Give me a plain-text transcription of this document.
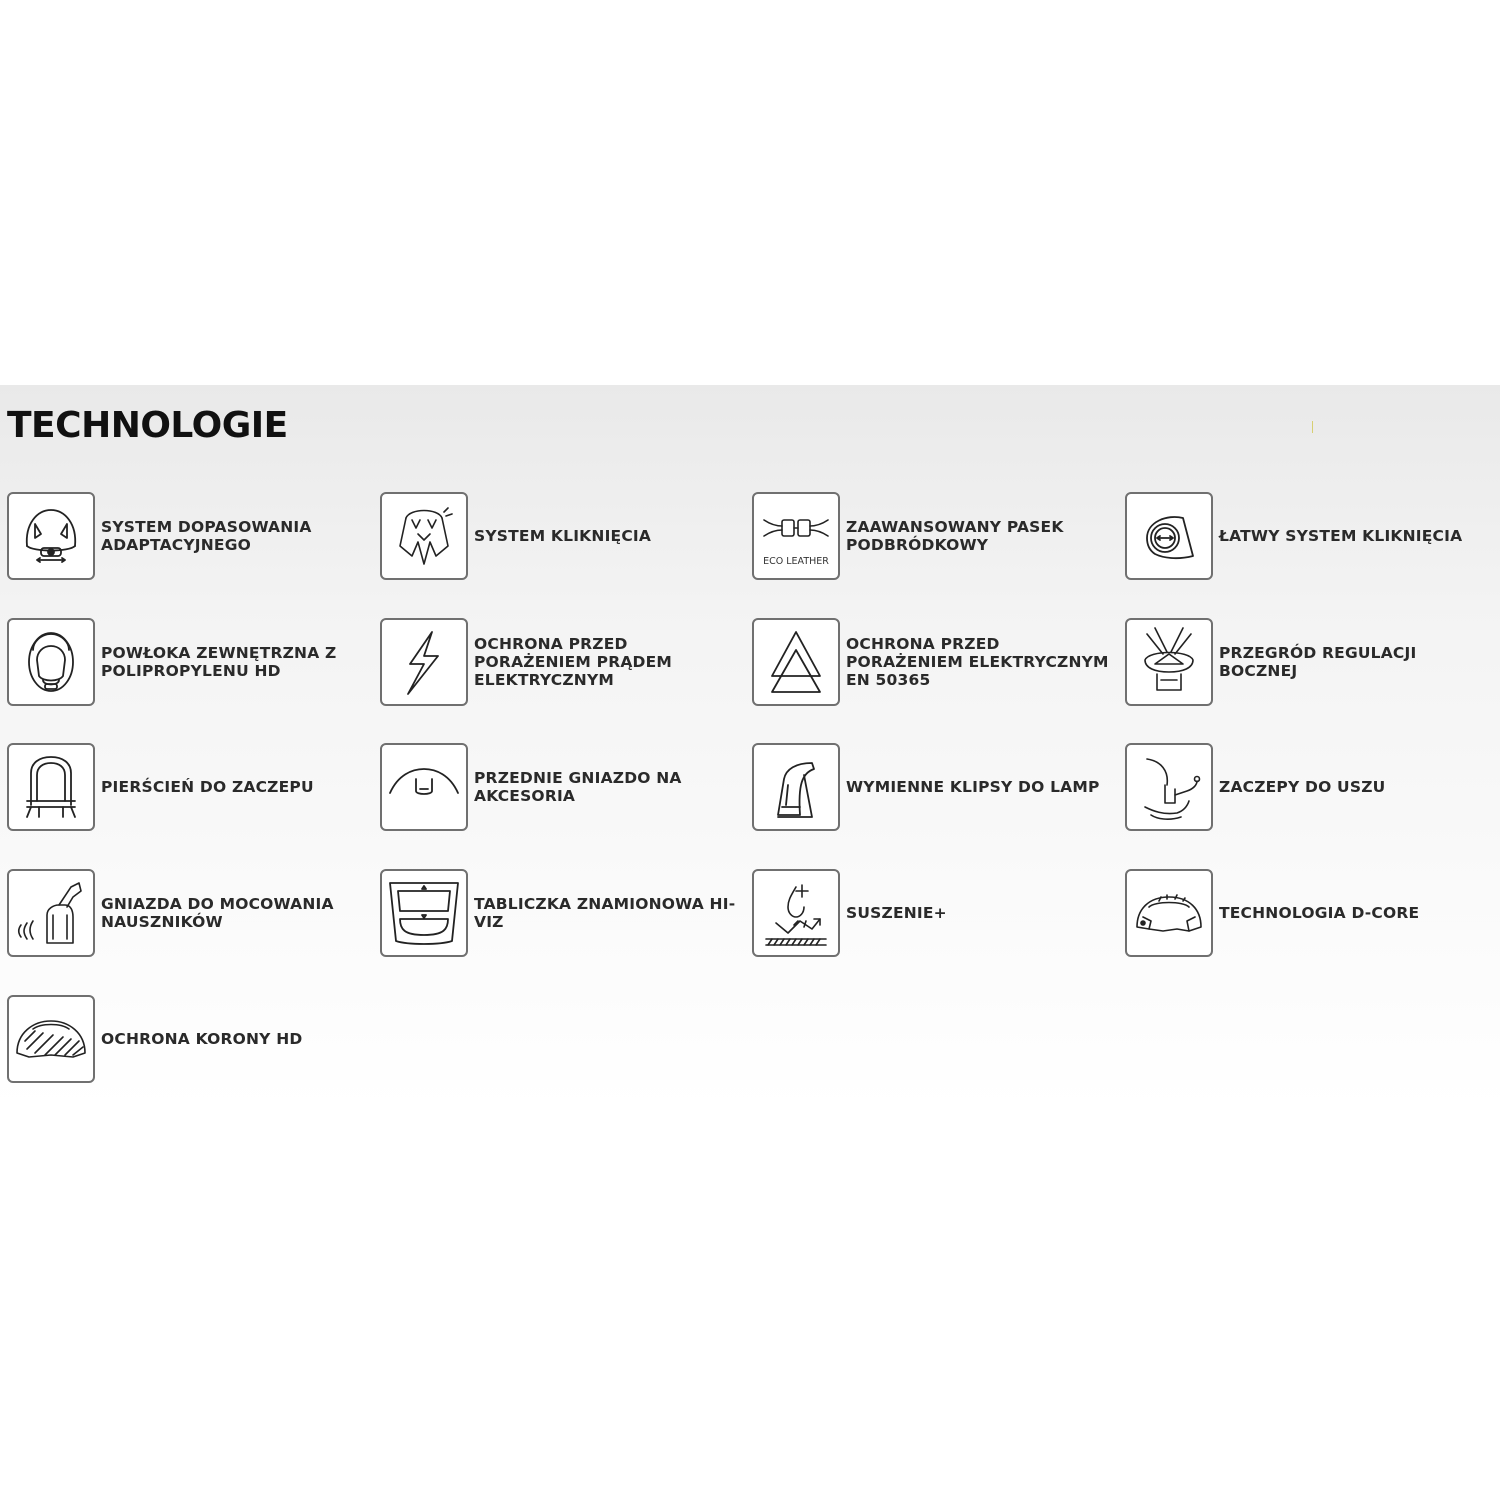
TECHNOLOGIE
SYSTEM DOPASOWANIA ADAPTACYJNEGO	SYSTEM KLIKNIĘCIA
ECO LEATHER
ZAAWANSOWANY PASEK PODBRÓDKOWY	ŁATWY SYSTEM KLIKNIĘCIA
POWŁOKA ZEWNĘTRZNA Z POLIPROPYLENU HD
OCHRONA PRZED PORAŻENIEM PRĄDEM ELEKTRYCZNYM
OCHRONA PRZED PORAŻENIEM ELEKTRYCZNYM EN 50365
PRZEGRÓD REGULACJI BOCZNEJ
PIERŚCIEŃ DO ZACZEPU	PRZEDNIE GNIAZDO NA AKCESORIA	WYMIENNE KLIPSY DO LAMP	ZACZEPY DO USZU
GNIAZDA DO MOCOWANIA NAUSZNIKÓW
TABLICZKA ZNAMIONOWA HI-VIZ	SUSZENIE+	TECHNOLOGIA D-CORE
OCHRONA KORONY HD
